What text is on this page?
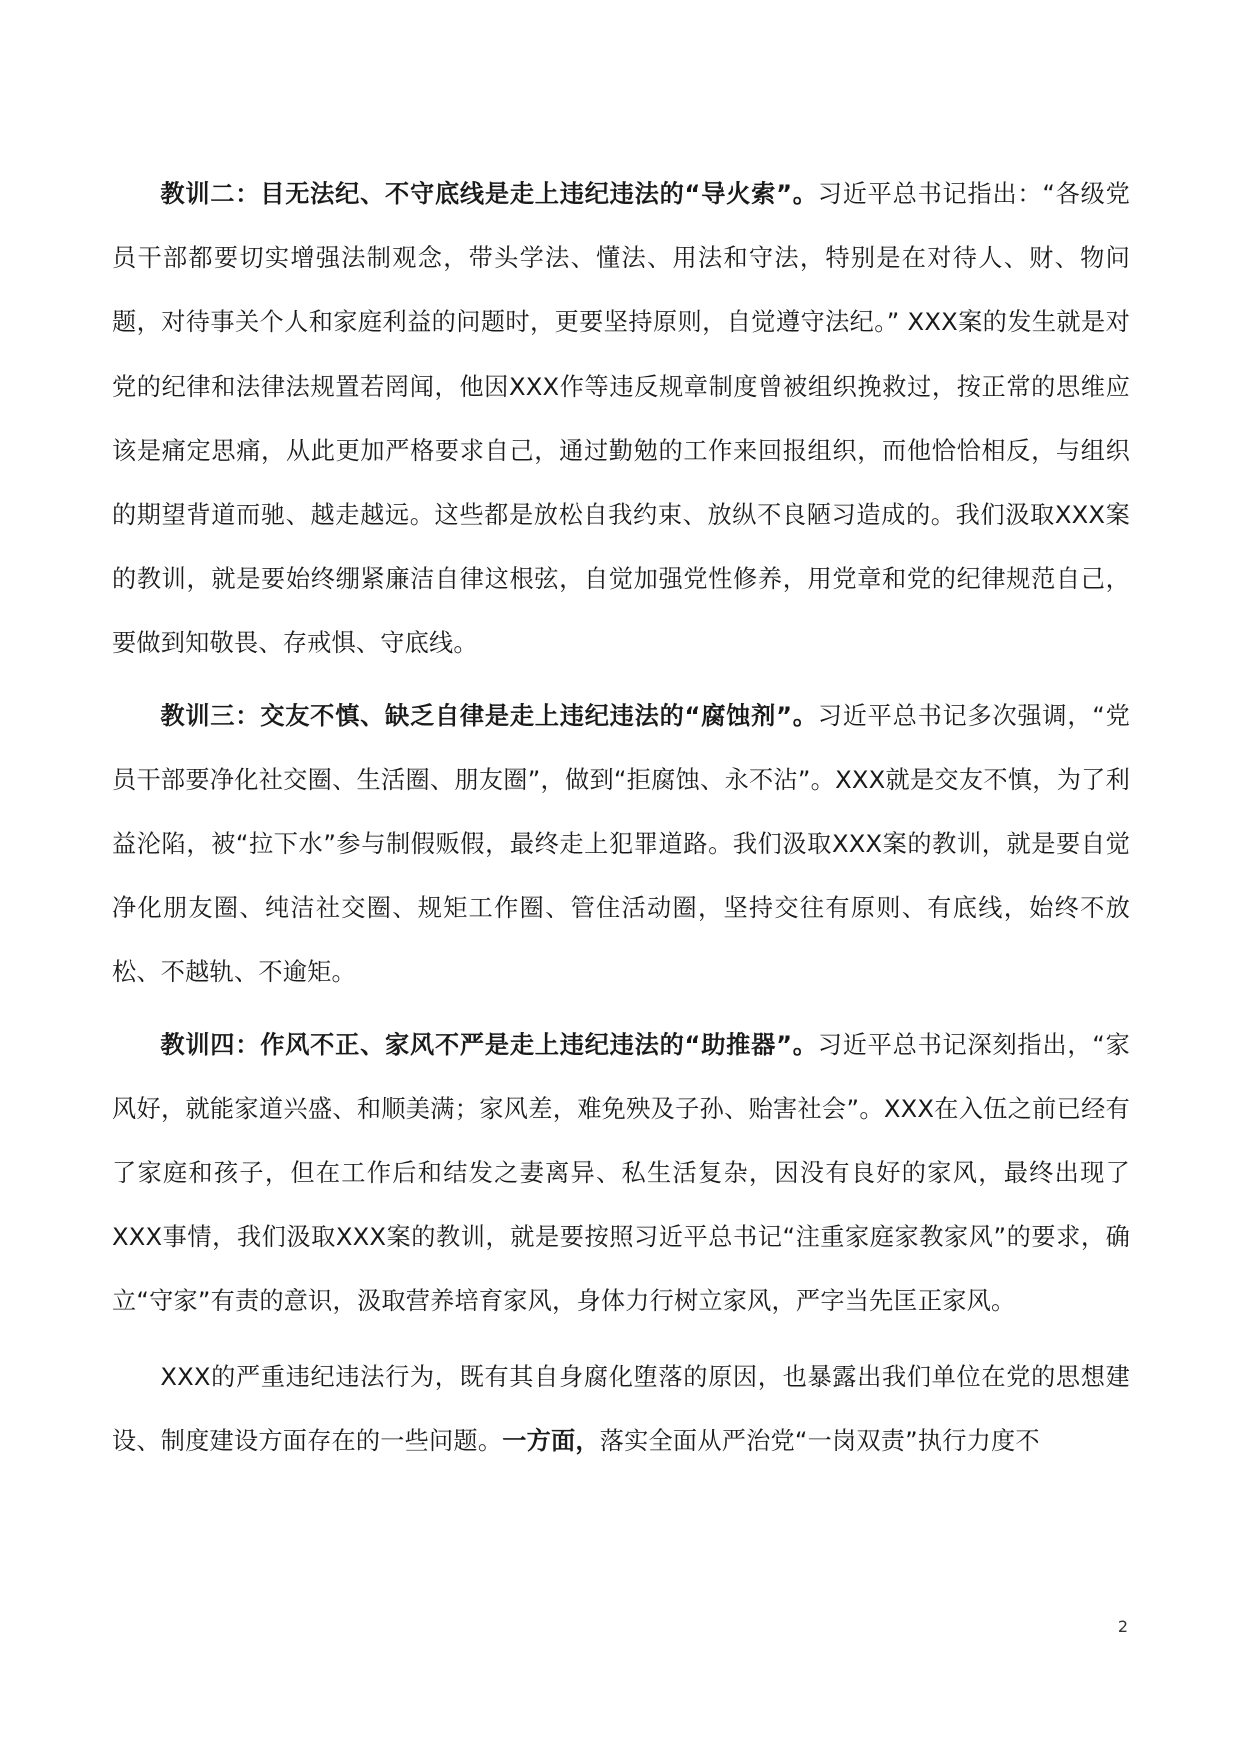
教训二：目无法纪、不守底线是走上违纪违法的“导火索”。习近平总书记指出：“各级党员干部都要切实增强法制观念，带头学法、懂法、用法和守法，特别是在对待人、财、物问题，对待事关个人和家庭利益的问题时，更要坚持原则，自觉遵守法纪。” XXX案的发生就是对党的纪律和法律法规置若罔闻，他因XXX作等违反规章制度曾被组织挽救过，按正常的思维应该是痛定思痛，从此更加严格要求自己，通过勤勉的工作来回报组织，而他恰恰相反，与组织的期望背道而驰、越走越远。这些都是放松自我约束、放纵不良陋习造成的。我们汲取XXX案的教训，就是要始终绷紧廉洁自律这根弦，自觉加强党性修养，用党章和党的纪律规范自己，要做到知敬畏、存戒惧、守底线。

教训三：交友不慎、缺乏自律是走上违纪违法的“腐蚀剂”。习近平总书记多次强调，“党员干部要净化社交圈、生活圈、朋友圈”，做到“拒腐蚀、永不沾”。XXX就是交友不慎，为了利益沦陷，被“拉下水”参与制假贩假，最终走上犯罪道路。我们汲取XXX案的教训，就是要自觉净化朋友圈、纯洁社交圈、规矩工作圈、管住活动圈，坚持交往有原则、有底线，始终不放松、不越轨、不逾矩。

教训四：作风不正、家风不严是走上违纪违法的“助推器”。习近平总书记深刻指出，“家风好，就能家道兴盛、和顺美满；家风差，难免殃及子孙、贻害社会”。XXX在入伍之前已经有了家庭和孩子，但在工作后和结发之妻离异、私生活复杂，因没有良好的家风，最终出现了XXX事情，我们汲取XXX案的教训，就是要按照习近平总书记“注重家庭家教家风”的要求，确立“守家”有责的意识，汲取营养培育家风，身体力行树立家风，严字当先匡正家风。

XXX的严重违纪违法行为，既有其自身腐化堕落的原因，也暴露出我们单位在党的思想建设、制度建设方面存在的一些问题。一方面，落实全面从严治党“一岗双责”执行力度不

2
